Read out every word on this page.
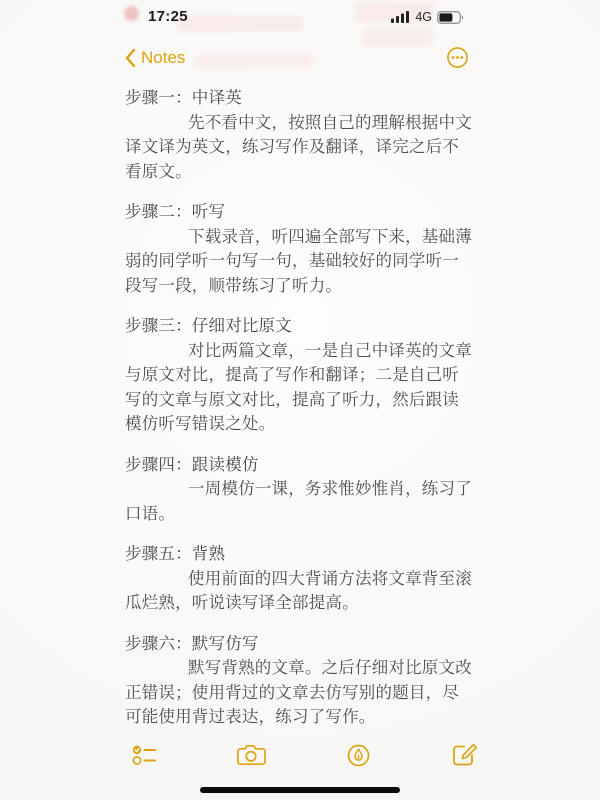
17:25	4G
Notes
步骤一：中译英
先不看中文，按照自己的理解根据中文
译文译为英文，练习写作及翻译，译完之后不
看原文。
步骤二：听写
下载录音，听四遍全部写下来，基础薄
弱的同学听一句写一句，基础较好的同学听一
段写一段，顺带练习了听力。
步骤三：仔细对比原文
对比两篇文章，一是自己中译英的文章
与原文对比，提高了写作和翻译；二是自己听
写的文章与原文对比，提高了听力，然后跟读
模仿听写错误之处。
步骤四：跟读模仿
一周模仿一课，务求惟妙惟肖，练习了
口语。
步骤五：背熟
使用前面的四大背诵方法将文章背至滚
瓜烂熟，听说读写译全部提高。
步骤六：默写仿写
默写背熟的文章。之后仔细对比原文改
正错误；使用背过的文章去仿写别的题目，尽
可能使用背过表达，练习了写作。
